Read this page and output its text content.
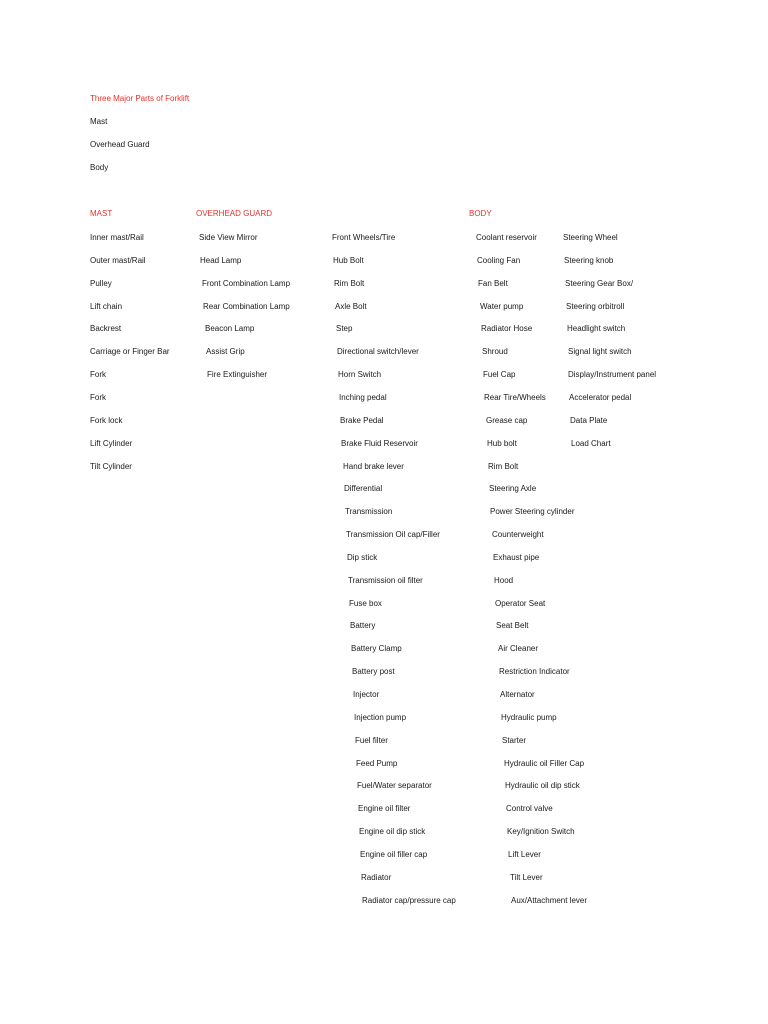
Three Major Parts of Forklift
Mast
Overhead Guard
Body
MAST	OVERHEAD GUARD	BODY
Inner mast/Rail
Outer mast/Rail
Pulley
Lift chain
Backrest
Carriage or Finger Bar
Fork
Fork
Fork lock
Lift Cylinder
Tilt Cylinder
Side View Mirror
Head Lamp
Front Combination Lamp
Rear Combination Lamp
Beacon Lamp
Assist Grip
Fire Extinguisher
Front Wheels/Tire
Hub Bolt
Rim Bolt
Axle Bolt
Step
Directional switch/lever
Horn Switch
Inching pedal
Brake Pedal
Brake Fluid Reservoir
Hand brake lever
Differential
Transmission
Transmission Oil cap/Filler
Dip stick
Transmission oil filter
Fuse box
Battery
Battery Clamp
Battery post
Injector
Injection pump
Fuel filter
Feed Pump
Fuel/Water separator
Engine oil filter
Engine oil dip stick
Engine oil filler cap
Radiator
Radiator cap/pressure cap
Coolant reservoir
Cooling Fan
Fan Belt
Water pump
Radiator Hose
Shroud
Fuel Cap
Rear Tire/Wheels
Grease cap
Hub bolt
Rim Bolt
Steering Axle
Power Steering cylinder
Counterweight
Exhaust pipe
Hood
Operator Seat
Seat Belt
Air Cleaner
Restriction Indicator
Alternator
Hydraulic pump
Starter
Hydraulic oil Filler Cap
Hydraulic oil dip stick
Control valve
Key/Ignition Switch
Lift Lever
Tilt Lever
Aux/Attachment lever
Steering Wheel
Steering knob
Steering Gear Box/
Steering orbitroll
Headlight switch
Signal light switch
Display/Instrument panel
Accelerator pedal
Data Plate
Load Chart
